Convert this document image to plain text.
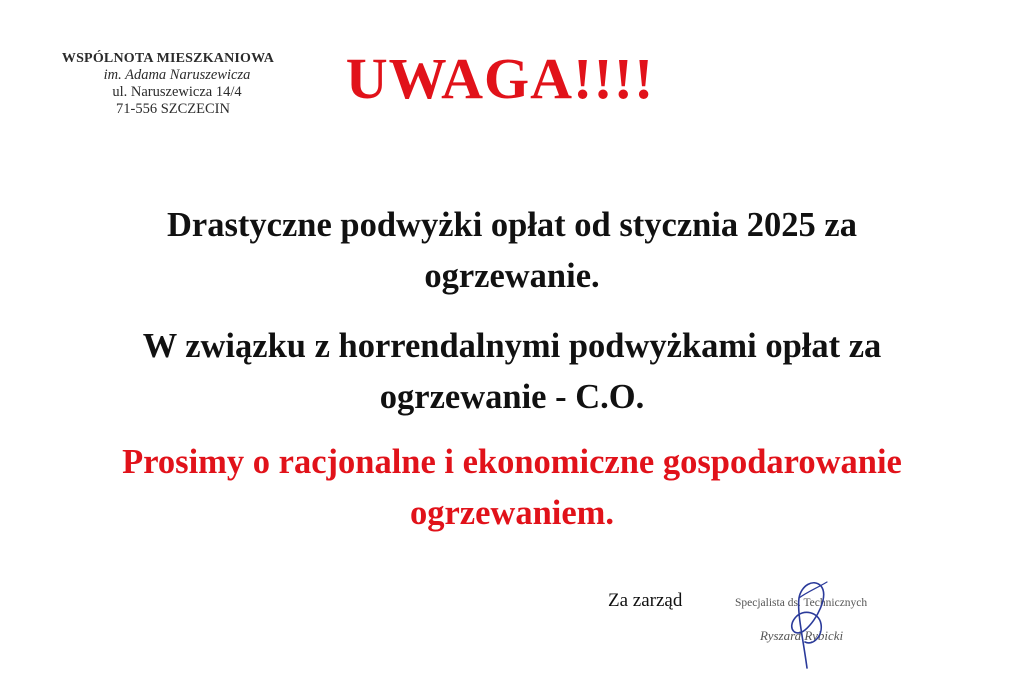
WSPÓLNOTA MIESZKANIOWA
im. Adama Naruszewicza
ul. Naruszewicza 14/4
71-556 SZCZECIN	UWAGA!!!!
Drastyczne podwyżki opłat od stycznia 2025 za
ogrzewanie.
W związku z horrendalnymi podwyżkami opłat za
ogrzewanie - C.O.
Prosimy o racjonalne i ekonomiczne gospodarowanie
ogrzewaniem.
Za zarząd	Specjalista ds. Technicznych
Ryszard Rybicki
